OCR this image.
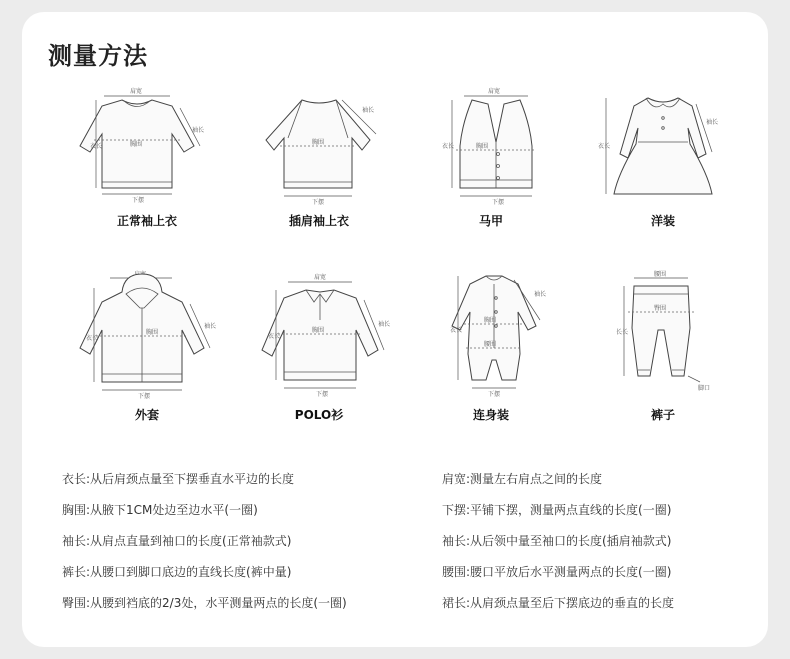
测量方法
肩宽
胸围
衣长
袖长
下摆
正常袖上衣
胸围
袖长
下摆
插肩袖上衣
肩宽
胸围
衣长
下摆
马甲
衣长
袖长
洋装
胸围
衣长
袖长
下摆
外套
肩宽
胸围
衣长
袖长
下摆
POLO衫
胸围
腰围
衣长
袖长
下摆
连身装
腰围
臀围
长长
脚口
裤子
衣长:从后肩颈点量至下摆垂直水平边的长度
胸围:从腋下1CM处边至边水平(一圈)
袖长:从肩点直量到袖口的长度(正常袖款式)
裤长:从腰口到脚口底边的直线长度(裤中量)
臀围:从腰到裆底的2/3处，水平测量两点的长度(一圈)
肩宽:测量左右肩点之间的长度
下摆:平铺下摆，测量两点直线的长度(一圈)
袖长:从后领中量至袖口的长度(插肩袖款式)
腰围:腰口平放后水平测量两点的长度(一圈)
裙长:从肩颈点量至后下摆底边的垂直的长度
